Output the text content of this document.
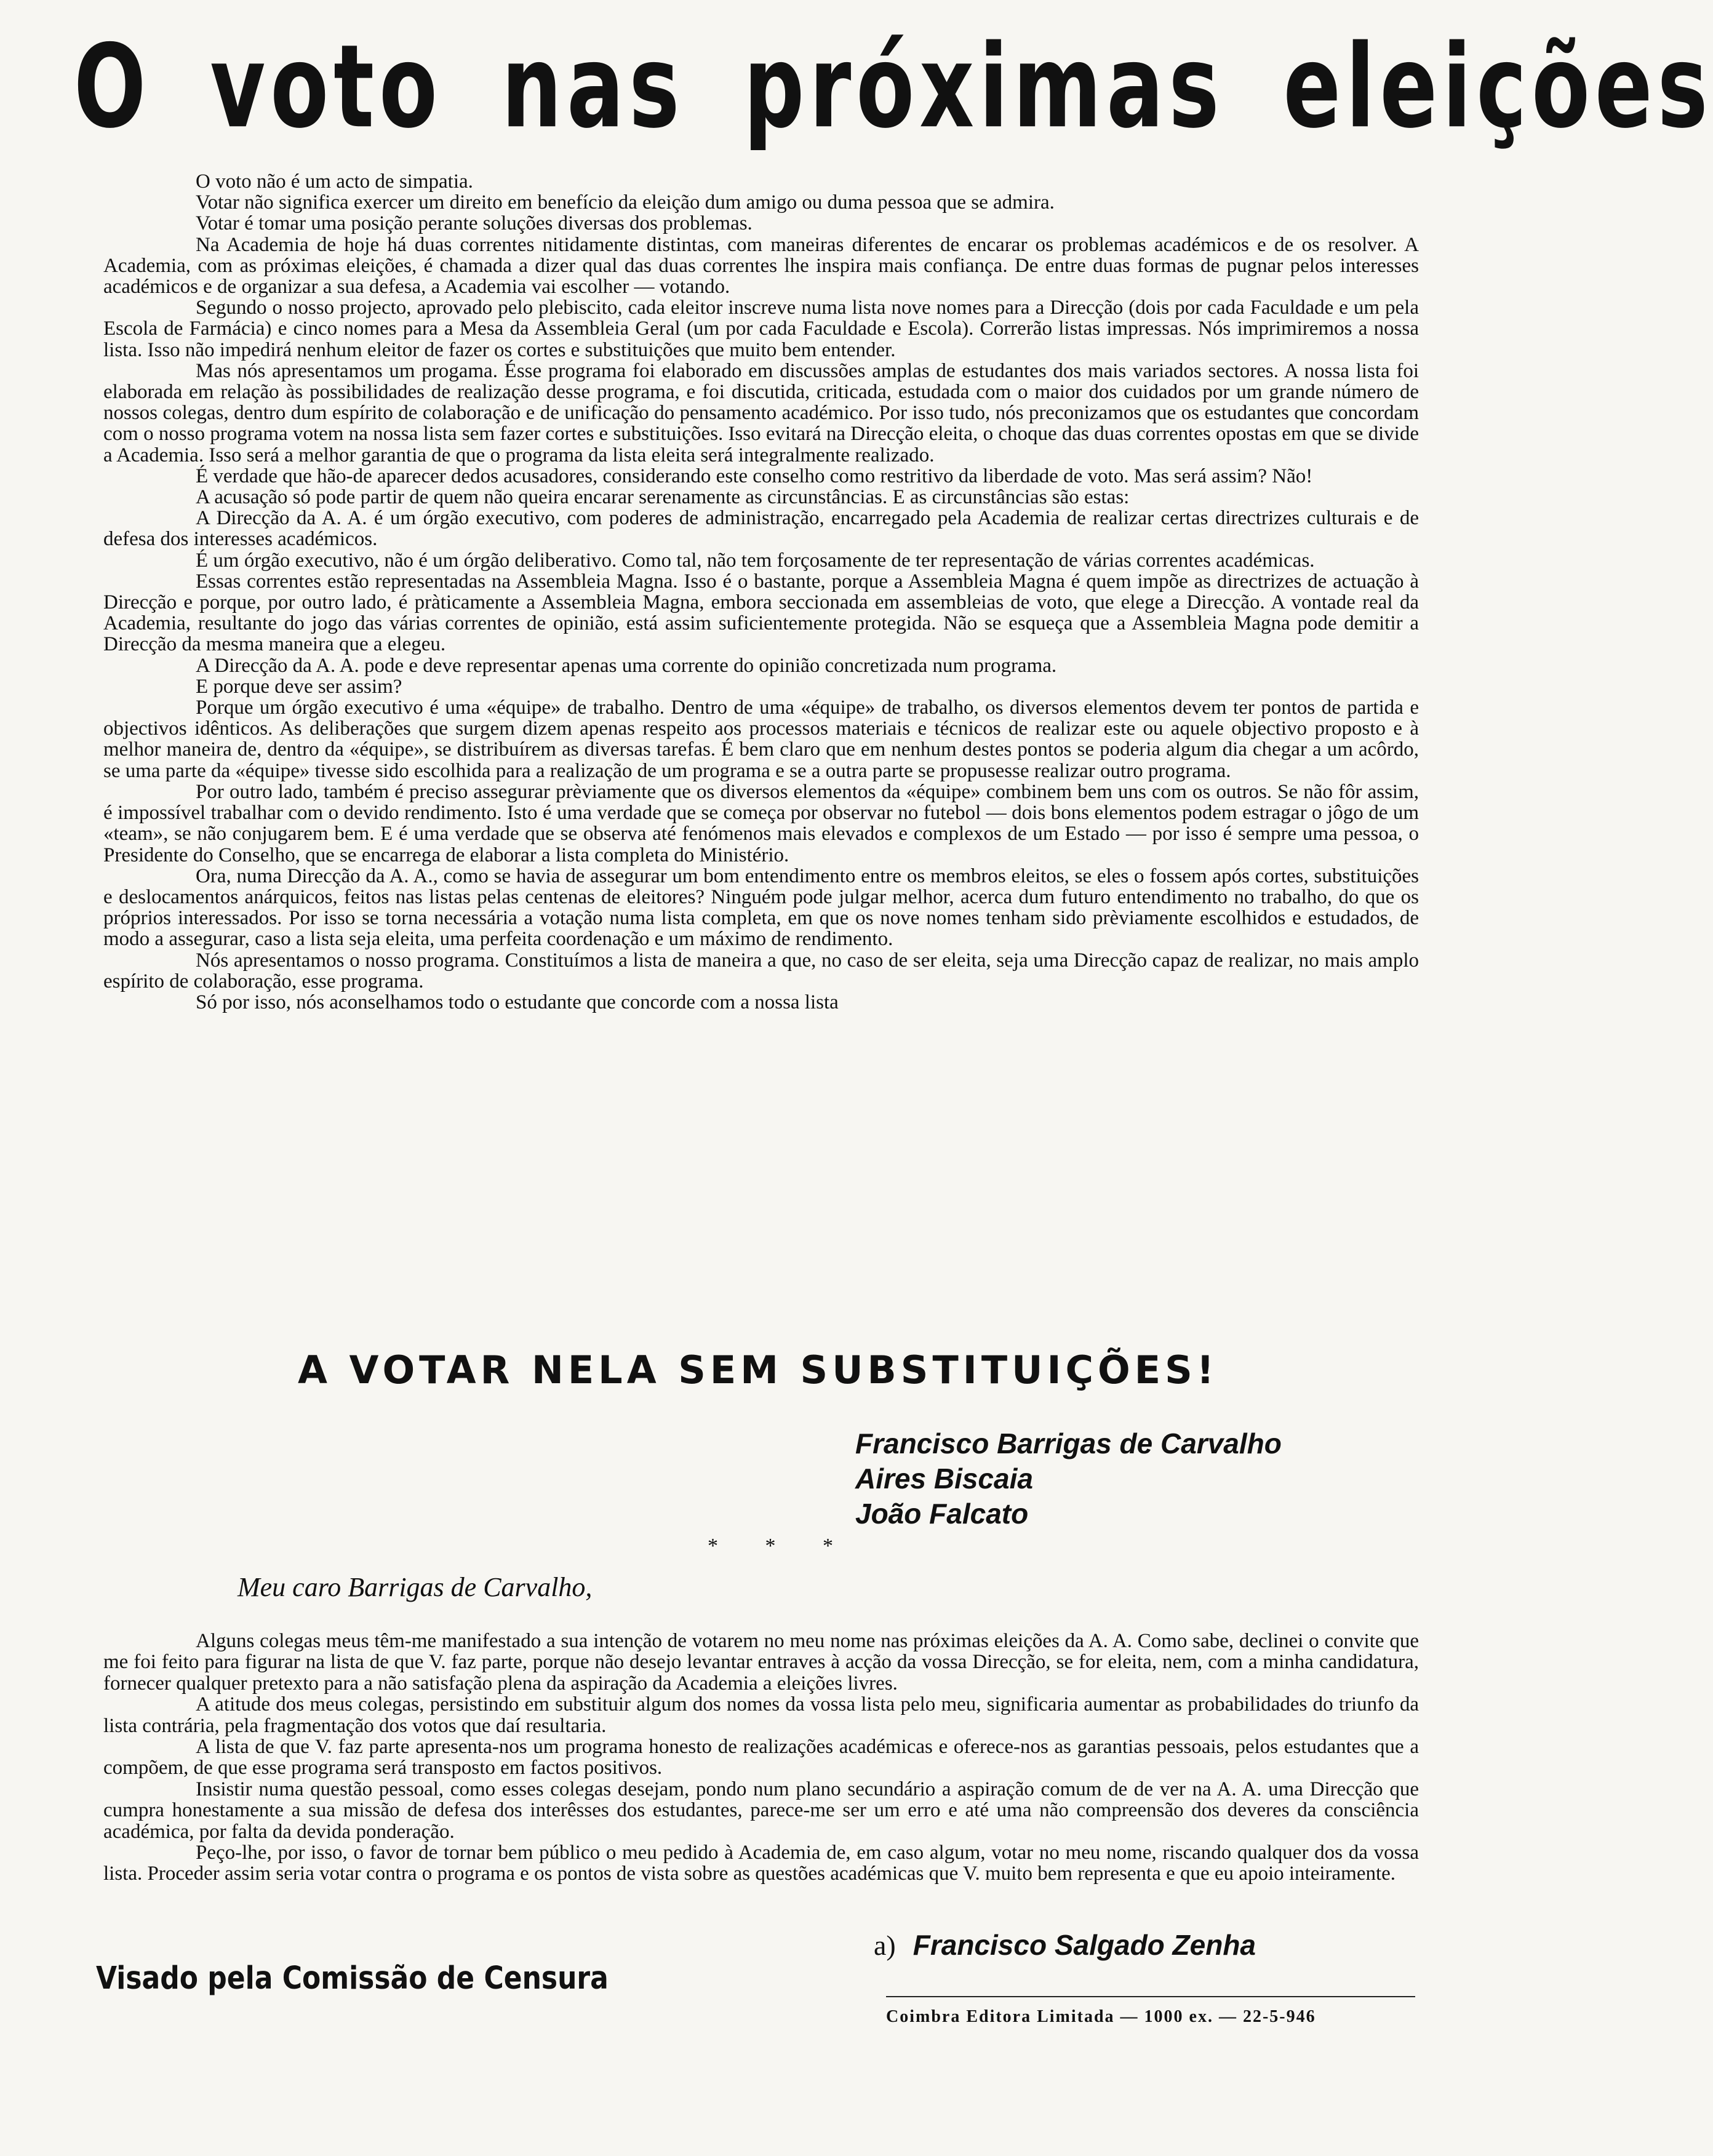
O voto nas próximas eleições

O voto não é um acto de simpatia.

Votar não significa exercer um direito em benefício da eleição dum amigo ou duma pessoa que se admira.

Votar é tomar uma posição perante soluções diversas dos problemas.

Na Academia de hoje há duas correntes nitidamente distintas, com maneiras diferentes de encarar os problemas académicos e de os resolver. A Academia, com as próximas eleições, é chamada a dizer qual das duas correntes lhe inspira mais confiança. De entre duas formas de pugnar pelos interesses académicos e de organizar a sua defesa, a Academia vai escolher — votando.

Segundo o nosso projecto, aprovado pelo plebiscito, cada eleitor inscreve numa lista nove nomes para a Direcção (dois por cada Faculdade e um pela Escola de Farmácia) e cinco nomes para a Mesa da Assembleia Geral (um por cada Faculdade e Escola). Correrão listas impressas. Nós imprimiremos a nossa lista. Isso não impedirá nenhum eleitor de fazer os cortes e substituições que muito bem entender.

Mas nós apresentamos um progama. Ésse programa foi elaborado em discussões amplas de estudantes dos mais variados sectores. A nossa lista foi elaborada em relação às possibilidades de realização desse programa, e foi discutida, criticada, estudada com o maior dos cuidados por um grande número de nossos colegas, dentro dum espírito de colaboração e de unificação do pensamento académico. Por isso tudo, nós preconizamos que os estudantes que concordam com o nosso programa votem na nossa lista sem fazer cortes e substituições. Isso evitará na Direcção eleita, o choque das duas correntes opostas em que se divide a Academia. Isso será a melhor garantia de que o programa da lista eleita será integralmente realizado.

É verdade que hão-de aparecer dedos acusadores, considerando este conselho como restritivo da liberdade de voto. Mas será assim? Não!

A acusação só pode partir de quem não queira encarar serenamente as circunstâncias. E as circunstâncias são estas:

A Direcção da A. A. é um órgão executivo, com poderes de administração, encarregado pela Academia de realizar certas directrizes culturais e de defesa dos interesses académicos.

É um órgão executivo, não é um órgão deliberativo. Como tal, não tem forçosamente de ter representação de várias correntes académicas.

Essas correntes estão representadas na Assembleia Magna. Isso é o bastante, porque a Assembleia Magna é quem impõe as directrizes de actuação à Direcção e porque, por outro lado, é pràticamente a Assembleia Magna, embora seccionada em assembleias de voto, que elege a Direcção. A vontade real da Academia, resultante do jogo das várias correntes de opinião, está assim suficientemente protegida. Não se esqueça que a Assembleia Magna pode demitir a Direcção da mesma maneira que a elegeu.

A Direcção da A. A. pode e deve representar apenas uma corrente do opinião concretizada num programa.

E porque deve ser assim?

Porque um órgão executivo é uma «équipe» de trabalho. Dentro de uma «équipe» de trabalho, os diversos elementos devem ter pontos de partida e objectivos idênticos. As deliberações que surgem dizem apenas respeito aos processos materiais e técnicos de realizar este ou aquele objectivo proposto e à melhor maneira de, dentro da «équipe», se distribuírem as diversas tarefas. É bem claro que em nenhum destes pontos se poderia algum dia chegar a um acôrdo, se uma parte da «équipe» tivesse sido escolhida para a realização de um programa e se a outra parte se propusesse realizar outro programa.

Por outro lado, também é preciso assegurar prèviamente que os diversos elementos da «équipe» combinem bem uns com os outros. Se não fôr assim, é impossível trabalhar com o devido rendimento. Isto é uma verdade que se começa por observar no futebol — dois bons elementos podem estragar o jôgo de um «team», se não conjugarem bem. E é uma verdade que se observa até fenómenos mais elevados e complexos de um Estado — por isso é sempre uma pessoa, o Presidente do Conselho, que se encarrega de elaborar a lista completa do Ministério.

Ora, numa Direcção da A. A., como se havia de assegurar um bom entendimento entre os membros eleitos, se eles o fossem após cortes, substituições e deslocamentos anárquicos, feitos nas listas pelas centenas de eleitores? Ninguém pode julgar melhor, acerca dum futuro entendimento no trabalho, do que os próprios interessados. Por isso se torna necessária a votação numa lista completa, em que os nove nomes tenham sido prèviamente escolhidos e estudados, de modo a assegurar, caso a lista seja eleita, uma perfeita coordenação e um máximo de rendimento.

Nós apresentamos o nosso programa. Constituímos a lista de maneira a que, no caso de ser eleita, seja uma Direcção capaz de realizar, no mais amplo espírito de colaboração, esse programa.

Só por isso, nós aconselhamos todo o estudante que concorde com a nossa lista

A VOTAR NELA SEM SUBSTITUIÇÕES!
Francisco Barrigas de Carvalho
Aires Biscaia
João Falcato
* * *
Meu caro Barrigas de Carvalho,

Alguns colegas meus têm-me manifestado a sua intenção de votarem no meu nome nas próximas eleições da A. A. Como sabe, declinei o convite que me foi feito para figurar na lista de que V. faz parte, porque não desejo levantar entraves à acção da vossa Direcção, se for eleita, nem, com a minha candidatura, fornecer qualquer pretexto para a não satisfação plena da aspiração da Academia a eleições livres.

A atitude dos meus colegas, persistindo em substituir algum dos nomes da vossa lista pelo meu, significaria aumentar as probabilidades do triunfo da lista contrária, pela fragmentação dos votos que daí resultaria.

A lista de que V. faz parte apresenta-nos um programa honesto de realizações académicas e oferece-nos as garantias pessoais, pelos estudantes que a compõem, de que esse programa será transposto em factos positivos.

Insistir numa questão pessoal, como esses colegas desejam, pondo num plano secundário a aspiração comum de de ver na A. A. uma Direcção que cumpra honestamente a sua missão de defesa dos interêsses dos estudantes, parece-me ser um erro e até uma não compreensão dos deveres da consciência académica, por falta da devida ponderação.

Peço-lhe, por isso, o favor de tornar bem público o meu pedido à Academia de, em caso algum, votar no meu nome, riscando qualquer dos da vossa lista. Proceder assim seria votar contra o programa e os pontos de vista sobre as questões académicas que V. muito bem representa e que eu apoio inteiramente.

a) Francisco Salgado Zenha
Visado pela Comissão de Censura
Coimbra Editora Limitada — 1000 ex. — 22-5-946
